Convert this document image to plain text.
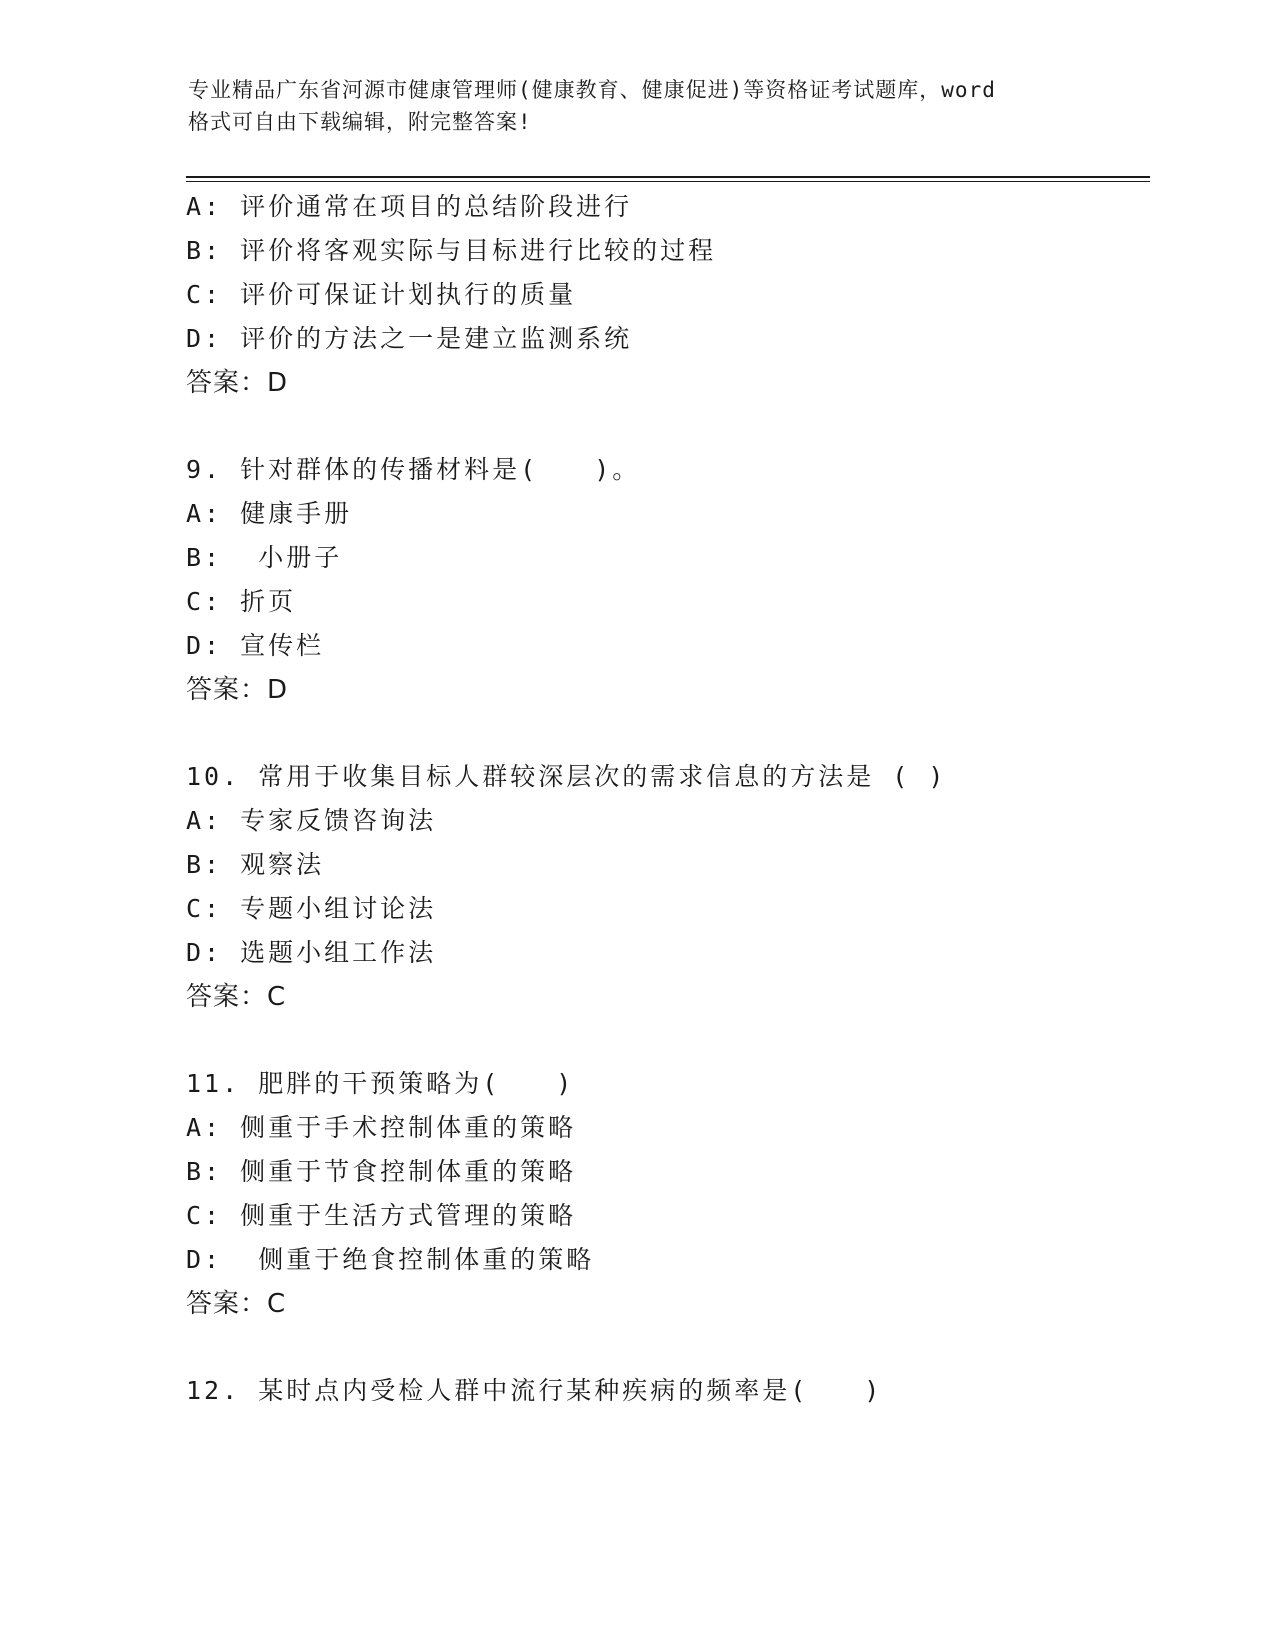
专业精品广东省河源市健康管理师(健康教育、健康促进)等资格证考试题库，word
格式可自由下载编辑，附完整答案!
A: 评价通常在项目的总结阶段进行
B: 评价将客观实际与目标进行比较的过程
C: 评价可保证计划执行的质量
D: 评价的方法之一是建立监测系统
答案：D
9. 针对群体的传播材料是(　　)。
A: 健康手册
B:  小册子
C: 折页
D: 宣传栏
答案：D
10. 常用于收集目标人群较深层次的需求信息的方法是 ( )
A: 专家反馈咨询法
B: 观察法
C: 专题小组讨论法
D: 选题小组工作法
答案：C
11. 肥胖的干预策略为(　　)
A: 侧重于手术控制体重的策略
B: 侧重于节食控制体重的策略
C: 侧重于生活方式管理的策略
D:  侧重于绝食控制体重的策略
答案：C
12. 某时点内受检人群中流行某种疾病的频率是(　　)
